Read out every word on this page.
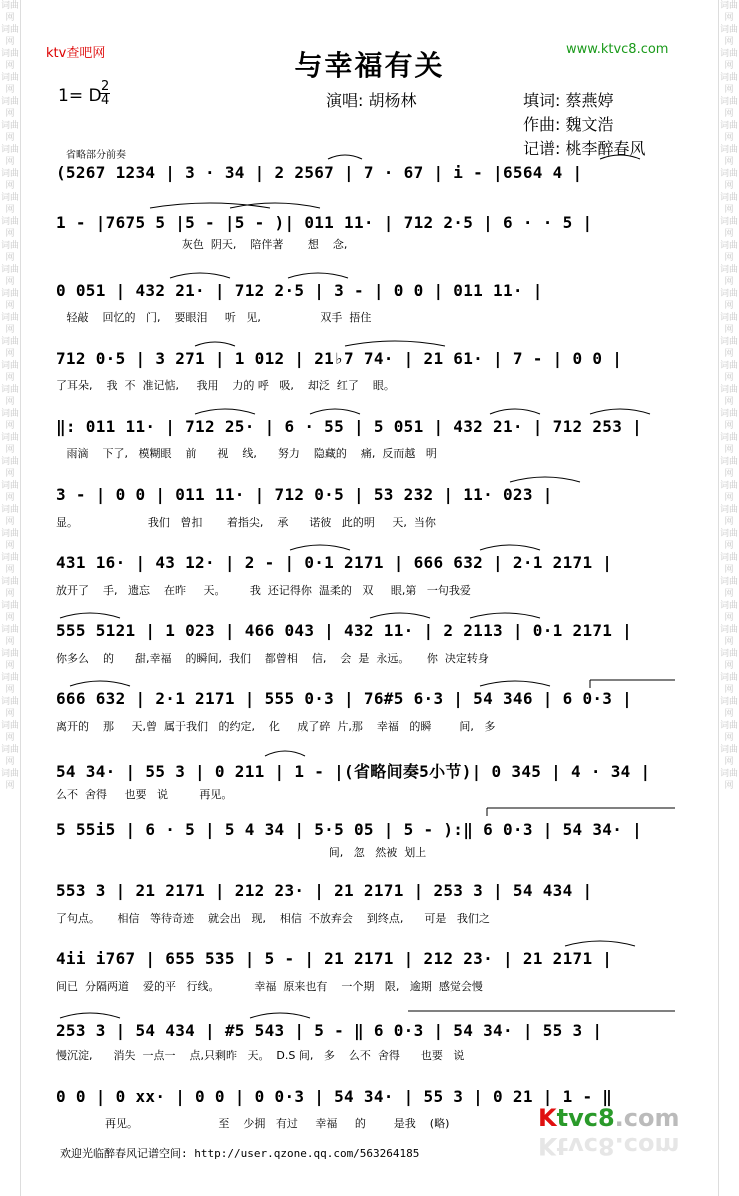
词曲网
词曲网
词曲网
词曲网
词曲网
词曲网
词曲网
词曲网
词曲网
词曲网
词曲网
词曲网
词曲网
词曲网
词曲网
词曲网
词曲网
词曲网
词曲网
词曲网
词曲网
词曲网
词曲网
词曲网
词曲网
词曲网
词曲网
词曲网
词曲网
词曲网
词曲网
词曲网
词曲网
词曲网
词曲网
词曲网
词曲网
词曲网
词曲网
词曲网
词曲网
词曲网
词曲网
词曲网
词曲网
词曲网
词曲网
词曲网
词曲网
词曲网
词曲网
词曲网
词曲网
词曲网
词曲网
词曲网
词曲网
词曲网
词曲网
词曲网
词曲网
词曲网
词曲网
词曲网
词曲网
词曲网
ktv查吧网	www.ktvc8.com
与幸福有关
1= D 2
4	演唱: 胡杨林	填词: 蔡燕婷
作曲: 魏文浩
记谱: 桃李醉春风
省略部分前奏
(5267 1234 | 3 · 34 | 2 2567 | 7 · 67 | i - |6564 4 |
1 - |7675 5 |5 - |5 - )| 011 11· | 712 2·5 | 6 · · 5 |
灰色  阴天,    陪伴著       想    念,
0 051 | 432 21· | 712 2·5 | 3 - | 0 0 | 011 11· |
轻敲    回忆的   门,    要眼泪     听   见,                 双手  捂住
712 0·5 | 3 271 | 1 012 | 21♭7 74· | 21 61· | 7 - | 0 0 |
了耳朵,    我  不  准记惦,     我用    力的 呼   吸,    却泛  红了    眼。
‖: 011 11· | 712 25· | 6 · 55 | 5 051 | 432 21· | 712 253 |
雨滴    下了,   模糊眼    前      视    线,      努力    隐藏的    痛,  反而越   明
3 - | 0 0 | 011 11· | 712 0·5 | 53 232 | 11· 023 |
显。                    我们   曾扣       着指尖,    承      诺彼   此的明     天,  当你
431 16· | 43 12· | 2 - | 0·1 2171 | 666 632 | 2·1 2171 |
放开了    手,   遗忘    在昨     天。       我  还记得你  温柔的   双     眼,第   一句我爱
555 5121 | 1 023 | 466 043 | 432 11· | 2 2113 | 0·1 2171 |
你多么    的      甜,幸福    的瞬间,  我们    都曾相    信,    会  是  永远。     你  决定转身
666 632 | 2·1 2171 | 555 0·3 | 76#5 6·3 | 54 346 | 6 0·3 |
离开的    那     天,曾  属于我们   的约定,    化     成了碎  片,那    幸福   的瞬        间,   多
54 34· | 55 3 | 0 211 | 1 - |(省略间奏5小节)| 0 345 | 4 · 34 |
么不  舍得     也要   说         再见。
5 55i5 | 6 · 5 | 5 4 34 | 5·5 05 | 5 - ):‖ 6 0·3 | 54 34· |
间,   忽   然被  划上
553 3 | 21 2171 | 212 23· | 21 2171 | 253 3 | 54 434 |
了句点。     相信   等待奇迹    就会出   现,    相信  不放弃会    到终点,      可是   我们之
4ii i767 | 655 535 | 5 - | 21 2171 | 212 23· | 21 2171 |
间已  分隔两道    爱的平   行线。          幸福  原来也有    一个期   限,   逾期  感觉会慢
253 3 | 54 434 | #5 543 | 5 - ‖ 6 0·3 | 54 34· | 55 3 |
慢沉淀,      消失  一点一    点,只剩昨   天。  D.S 间,   多    么不  舍得      也要   说
0 0 | 0 xx· | 0 0 | 0 0·3 | 54 34· | 55 3 | 0 21 | 1 - ‖
再见。                       至    少拥   有过     幸福     的        是我    (略)
欢迎光临醉春风记谱空间: http://user.qzone.qq.com/563264185
Ktvc8.com
Ktvc8.com
